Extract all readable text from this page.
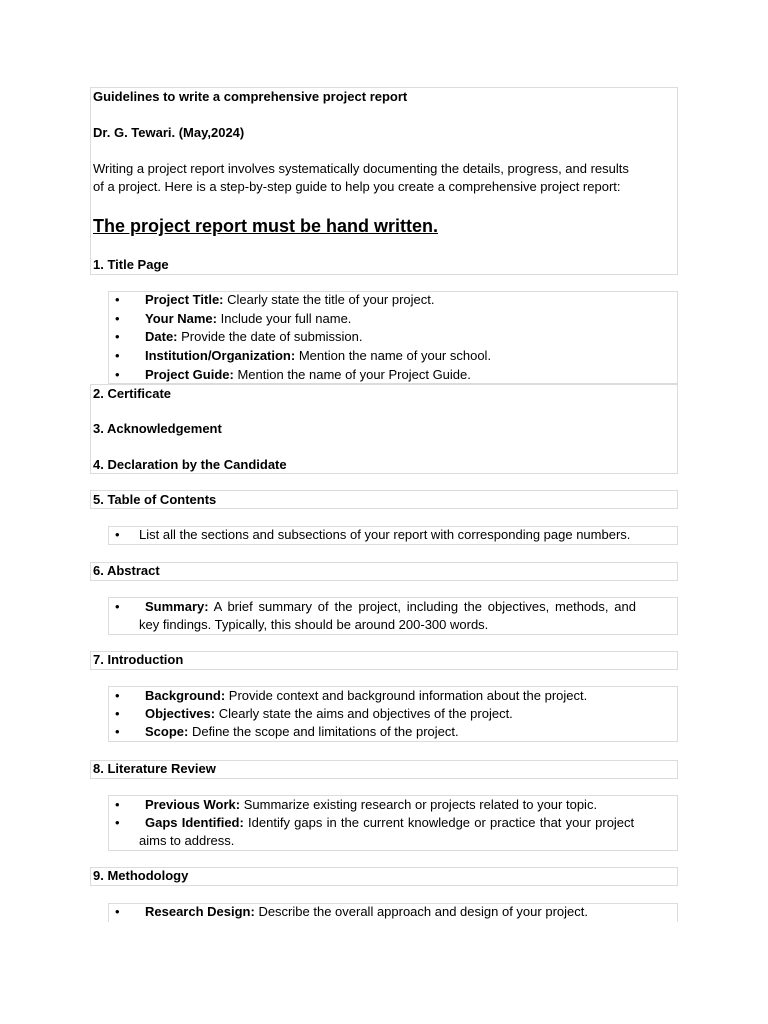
Guidelines to write a comprehensive project report
Dr. G. Tewari. (May,2024)
Writing a project report involves systematically documenting the details, progress, and results
of a project. Here is a step-by-step guide to help you create a comprehensive project report:
The project report must be hand written.
1. Title Page
•	Project Title: Clearly state the title of your project.
•	Your Name: Include your full name.
•	Date: Provide the date of submission.
•	Institution/Organization: Mention the name of your school.
•	Project Guide: Mention the name of your Project Guide.
2. Certificate
3. Acknowledgement
4. Declaration by the Candidate
5. Table of Contents
•	List all the sections and subsections of your report with corresponding page numbers.
6. Abstract
•	Summary: A brief summary of the project, including the objectives, methods, and
key findings. Typically, this should be around 200-300 words.
7. Introduction
•	Background: Provide context and background information about the project.
•	Objectives: Clearly state the aims and objectives of the project.
•	Scope: Define the scope and limitations of the project.
8. Literature Review
•	Previous Work: Summarize existing research or projects related to your topic.
•	Gaps Identified: Identify gaps in the current knowledge or practice that your project
aims to address.
9. Methodology
•	Research Design: Describe the overall approach and design of your project.
